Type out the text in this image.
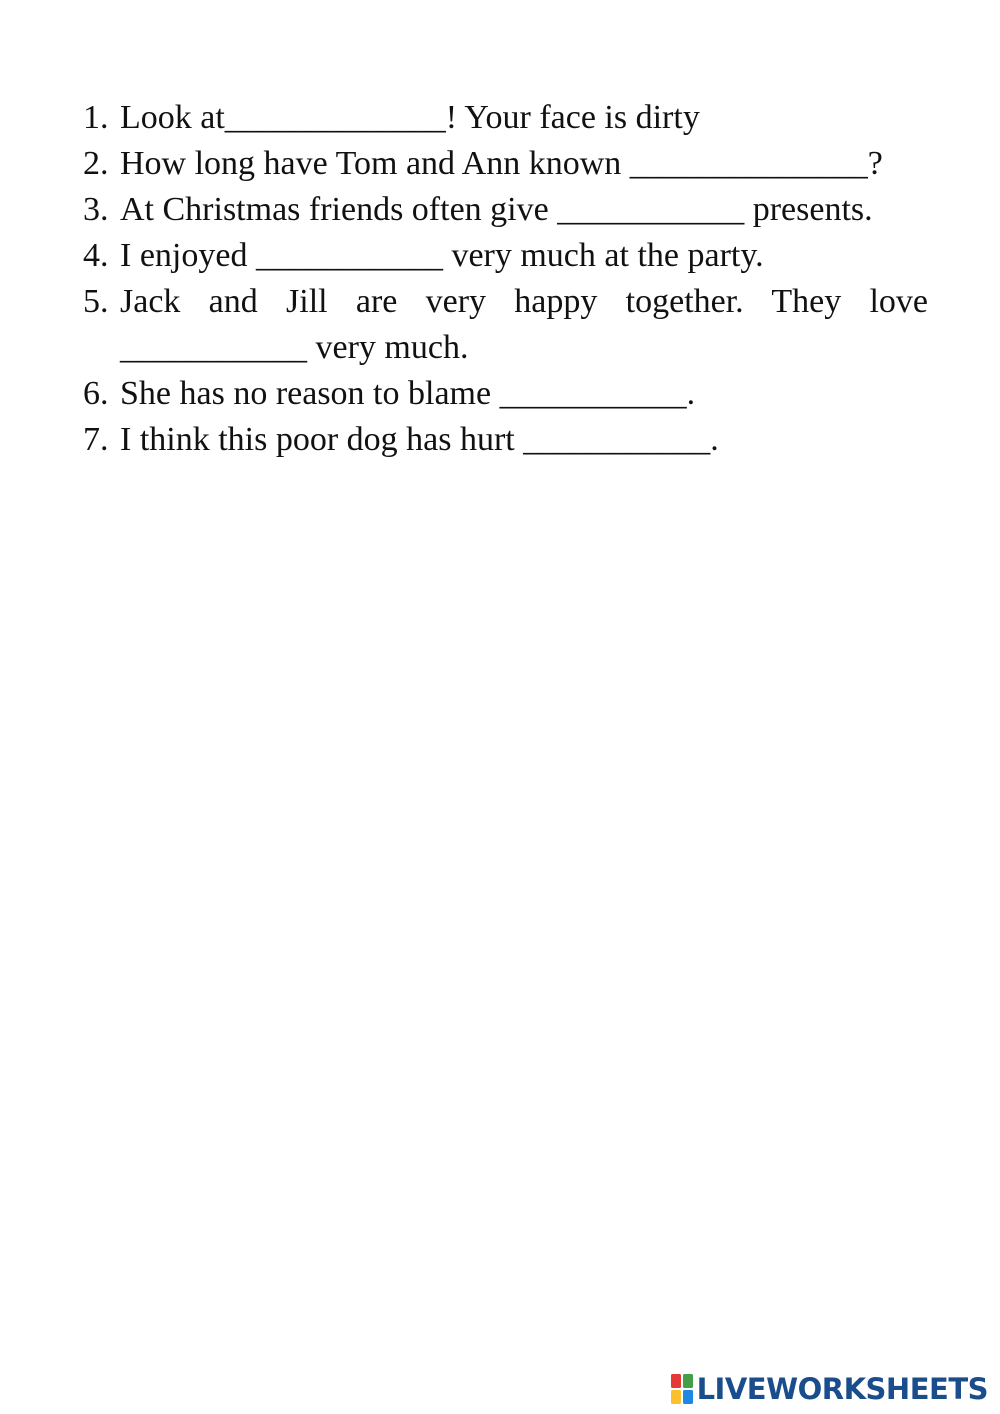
1. Look at_____________! Your face is dirty
2. How long have Tom and Ann known ______________?
3. At Christmas friends often give ___________ presents.
4. I enjoyed ___________ very much at the party.
5. Jack and Jill are very happy together. They love ___________ very much.
6. She has no reason to blame ___________.
7. I think this poor dog has hurt ___________.
LIVEWORKSHEETS
